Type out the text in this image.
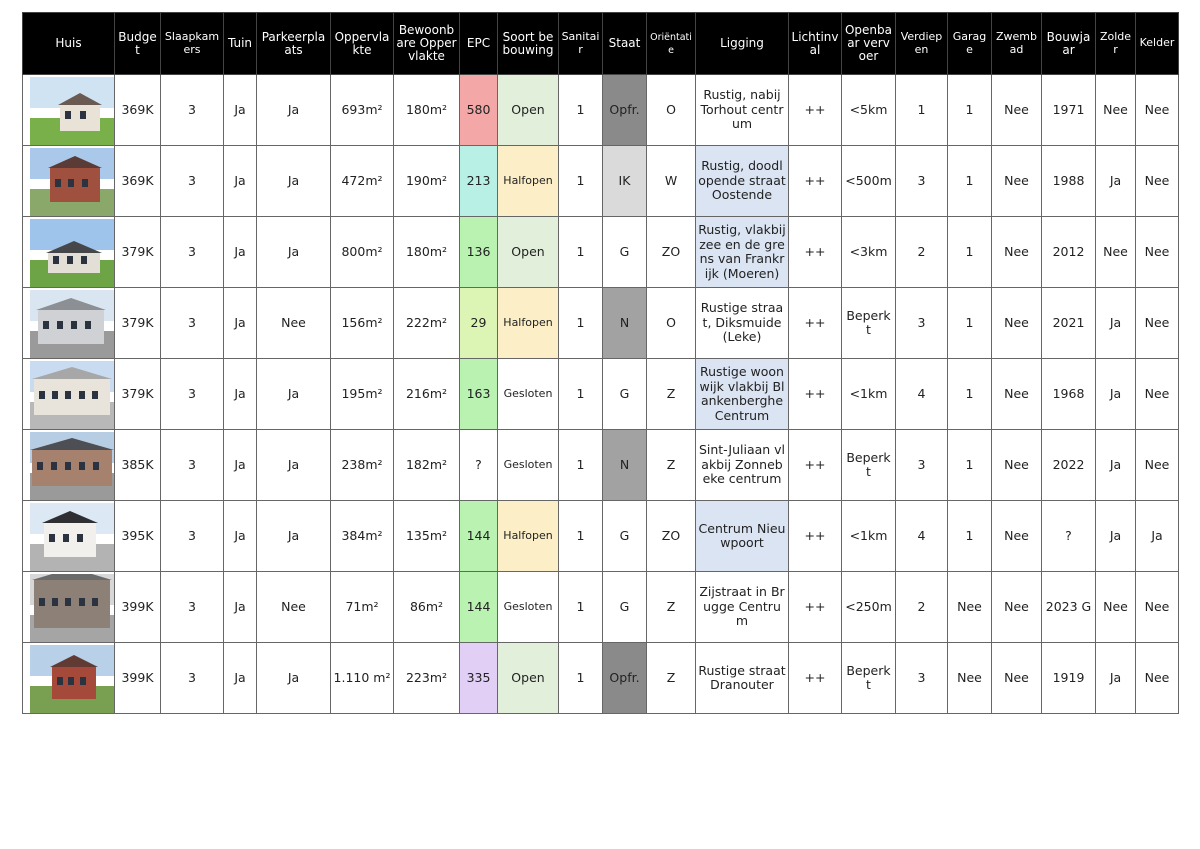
Huis	Budget	Slaapkamers	Tuin	Parkeerplaats	Oppervlakte	Bewoonbare Oppervlakte	EPC	Soort bebouwing	Sanitair	Staat	Oriëntatie	Ligging	Lichtinval	Openbaar vervoer	Verdiepen	Garage	Zwembad	Bouwjaar	Zolder	Kelder

	369K	3	Ja	Ja	693m²	180m²	580	Open	1	Opfr.	O	Rustig, nabij Torhout centrum	++	<5km	1	1	Nee	1971	Nee	Nee

	369K	3	Ja	Ja	472m²	190m²	213	Halfopen	1	IK	W	Rustig, doodlopende straat Oostende	++	<500m	3	1	Nee	1988	Ja	Nee

	379K	3	Ja	Ja	800m²	180m²	136	Open	1	G	ZO	Rustig, vlakbij zee en de grens van Frankrijk (Moeren)	++	<3km	2	1	Nee	2012	Nee	Nee

	379K	3	Ja	Nee	156m²	222m²	29	Halfopen	1	N	O	Rustige straat, Diksmuide (Leke)	++	Beperkt	3	1	Nee	2021	Ja	Nee

	379K	3	Ja	Ja	195m²	216m²	163	Gesloten	1	G	Z	Rustige woonwijk vlakbij Blankenberghe Centrum	++	<1km	4	1	Nee	1968	Ja	Nee

	385K	3	Ja	Ja	238m²	182m²	?	Gesloten	1	N	Z	Sint-Juliaan vlakbij Zonnebeke centrum	++	Beperkt	3	1	Nee	2022	Ja	Nee

	395K	3	Ja	Ja	384m²	135m²	144	Halfopen	1	G	ZO	Centrum Nieuwpoort	++	<1km	4	1	Nee	?	Ja	Ja

	399K	3	Ja	Nee	71m²	86m²	144	Gesloten	1	G	Z	Zijstraat in Brugge Centrum	++	<250m	2	Nee	Nee	2023 G	Nee	Nee

	399K	3	Ja	Ja	1.110 m²	223m²	335	Open	1	Opfr.	Z	Rustige straat Dranouter	++	Beperkt	3	Nee	Nee	1919	Ja	Nee
